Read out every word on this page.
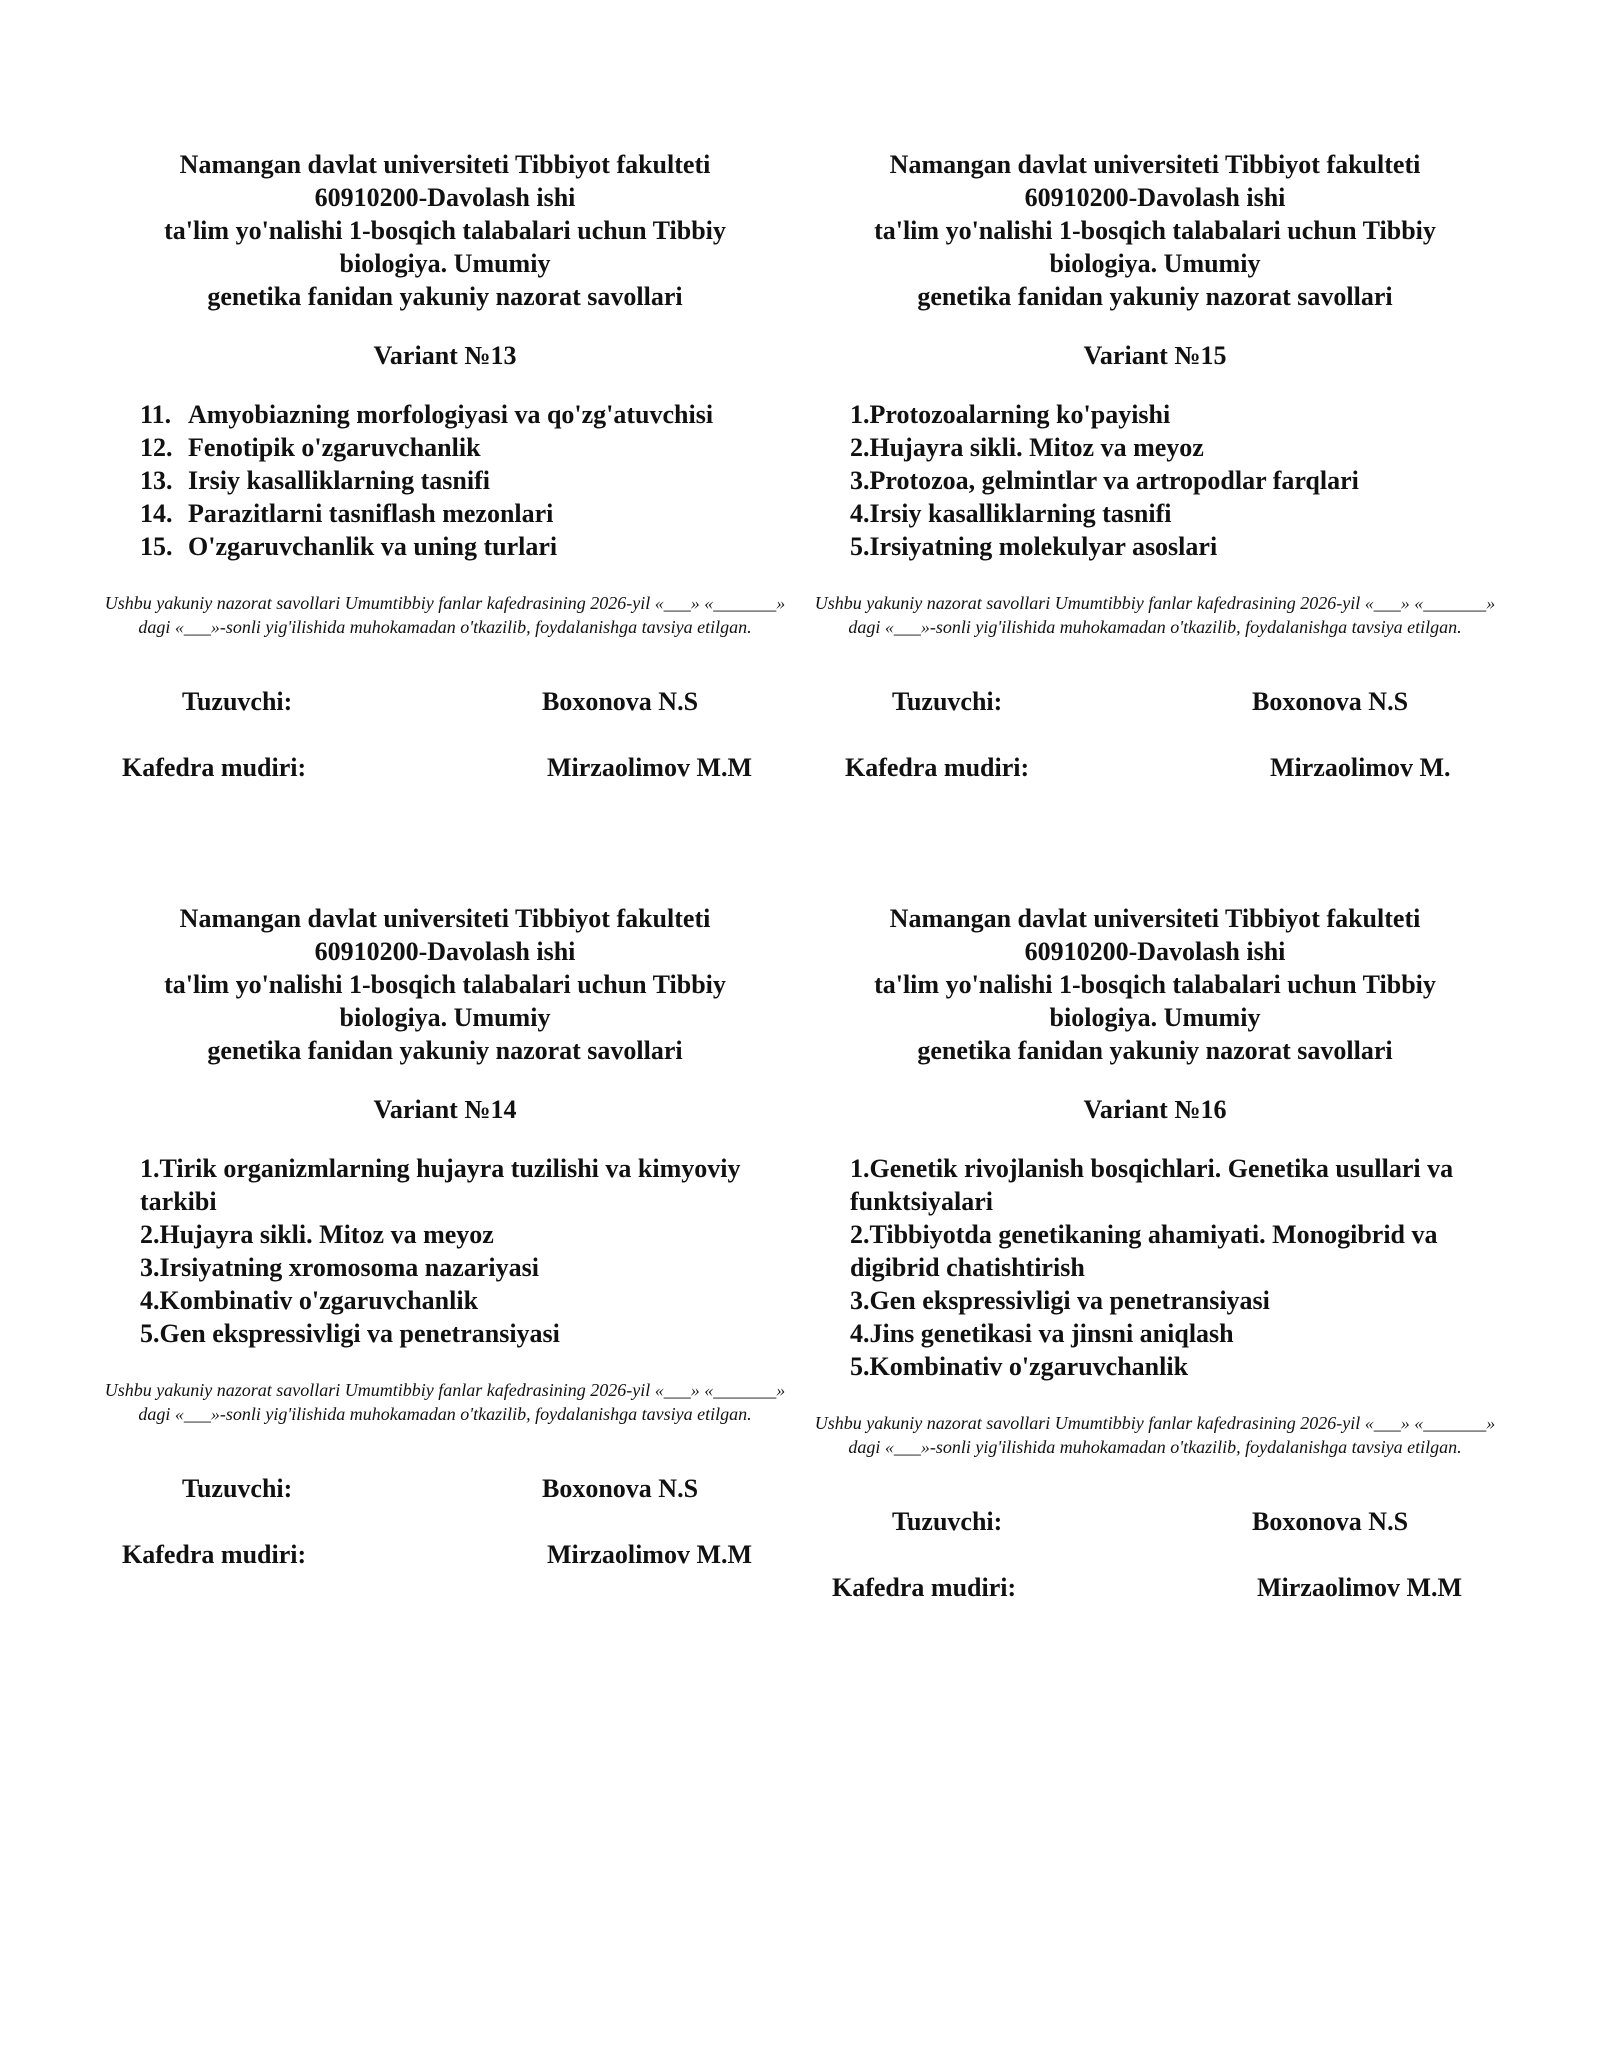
Namangan davlat universiteti Tibbiyot fakulteti
60910200-Davolash ishi
ta'lim yo'nalishi 1-bosqich talabalari uchun Tibbiy
biologiya. Umumiy
genetika fanidan yakuniy nazorat savollari
Variant №13
11. Amyobiazning morfologiyasi va qo'zg'atuvchisi
12. Fenotipik o'zgaruvchanlik
13. Irsiy kasalliklarning tasnifi
14. Parazitlarni tasniflash mezonlari
15. O'zgaruvchanlik va uning turlari
Ushbu yakuniy nazorat savollari Umumtibbiy fanlar kafedrasining 2026-yil «___» «_______» dagi «___»-sonli yig'ilishida muhokamadan o'tkazilib, foydalanishga tavsiya etilgan.
Tuzuvchi:	Boxonova N.S
Kafedra mudiri:	Mirzaolimov M.M
Namangan davlat universiteti Tibbiyot fakulteti
60910200-Davolash ishi
ta'lim yo'nalishi 1-bosqich talabalari uchun Tibbiy
biologiya. Umumiy
genetika fanidan yakuniy nazorat savollari
Variant №15
1. Protozoalarning ko'payishi
2. Hujayra sikli. Mitoz va meyoz
3. Protozoa, gelmintlar va artropodlar farqlari
4. Irsiy kasalliklarning tasnifi
5. Irsiyatning molekulyar asoslari
Ushbu yakuniy nazorat savollari Umumtibbiy fanlar kafedrasining 2026-yil «___» «_______» dagi «___»-sonli yig'ilishida muhokamadan o'tkazilib, foydalanishga tavsiya etilgan.
Tuzuvchi:	Boxonova N.S
Kafedra mudiri:	Mirzaolimov M.
Namangan davlat universiteti Tibbiyot fakulteti
60910200-Davolash ishi
ta'lim yo'nalishi 1-bosqich talabalari uchun Tibbiy
biologiya. Umumiy
genetika fanidan yakuniy nazorat savollari
Variant №14
1.Tirik organizmlarning hujayra tuzilishi va kimyoviy tarkibi
2. Hujayra sikli. Mitoz va meyoz
3. Irsiyatning xromosoma nazariyasi
4. Kombinativ o'zgaruvchanlik
5. Gen ekspressivligi va penetransiyasi
Ushbu yakuniy nazorat savollari Umumtibbiy fanlar kafedrasining 2026-yil «___» «_______» dagi «___»-sonli yig'ilishida muhokamadan o'tkazilib, foydalanishga tavsiya etilgan.
Tuzuvchi:	Boxonova N.S
Kafedra mudiri:	Mirzaolimov M.M
Namangan davlat universiteti Tibbiyot fakulteti
60910200-Davolash ishi
ta'lim yo'nalishi 1-bosqich talabalari uchun Tibbiy
biologiya. Umumiy
genetika fanidan yakuniy nazorat savollari
Variant №16
1.Genetik rivojlanish bosqichlari. Genetika usullari va funktsiyalari
2.Tibbiyotda genetikaning ahamiyati. Monogibrid va digibrid chatishtirish
3. Gen ekspressivligi va penetransiyasi
4. Jins genetikasi va jinsni aniqlash
5. Kombinativ o'zgaruvchanlik
Ushbu yakuniy nazorat savollari Umumtibbiy fanlar kafedrasining 2026-yil «___» «_______» dagi «___»-sonli yig'ilishida muhokamadan o'tkazilib, foydalanishga tavsiya etilgan.
Tuzuvchi:	Boxonova N.S
Kafedra mudiri:	Mirzaolimov M.M
